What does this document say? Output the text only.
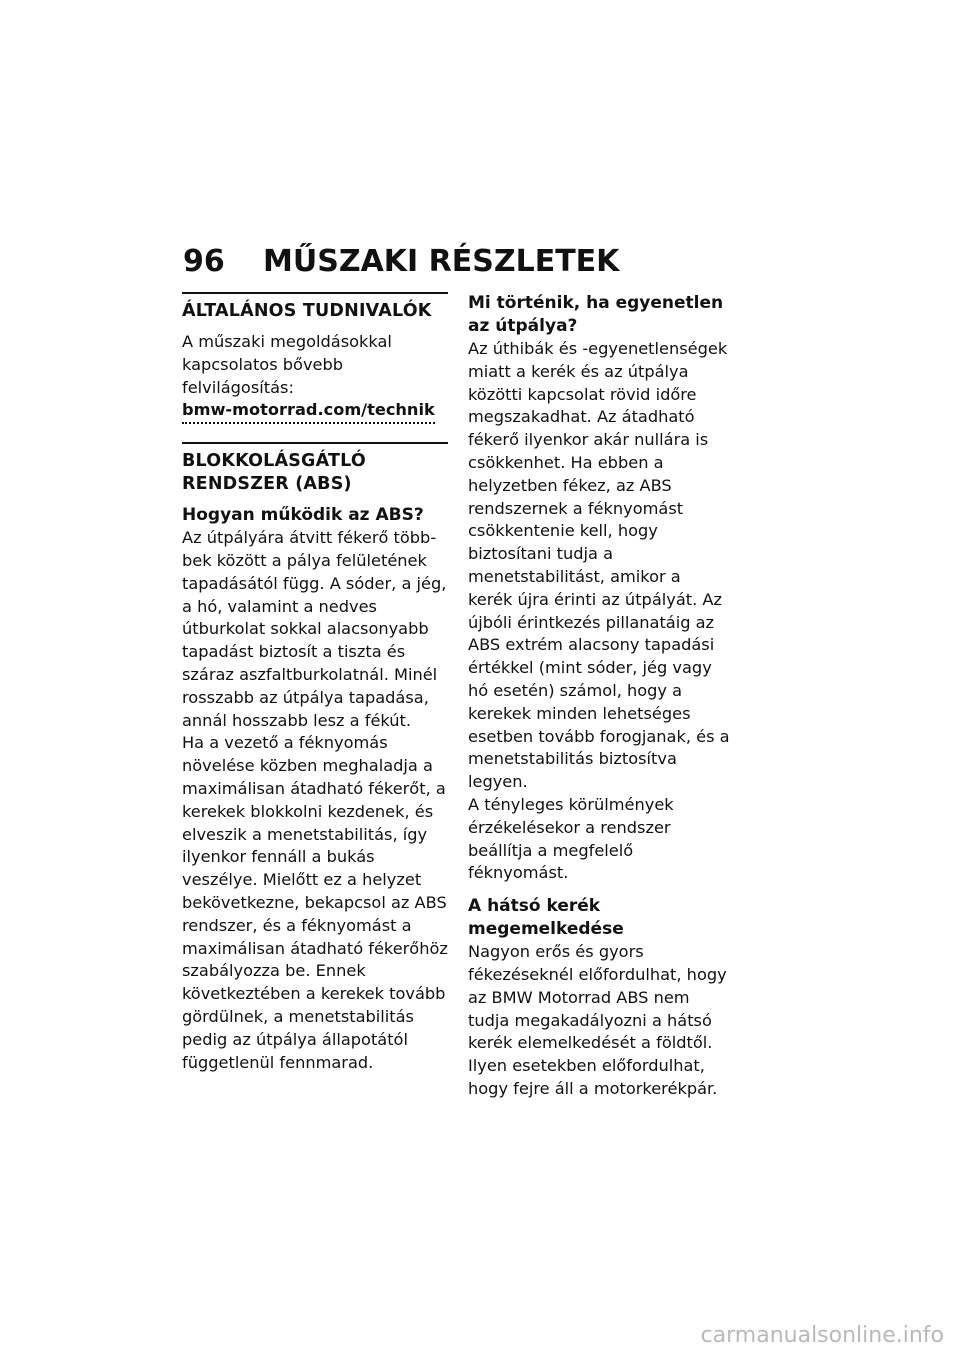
96 MŰSZAKI RÉSZLETEK
ÁLTALÁNOS TUDNIVALÓK

A műszaki megoldásokkal kapcsolatos bővebb felvilágosítás:

bmw-motorrad.com/technik
BLOKKOLÁSGÁTLÓ RENDSZER (ABS)
Hogyan működik az ABS?

Az útpályára átvitt fékerő többbek között a pálya felületének tapadásától függ. A sóder, a jég, a hó, valamint a nedves útburkolat sokkal alacsonyabb tapadást biztosít a tiszta és száraz aszfaltburkolatnál. Minél rosszabb az útpálya tapadása, annál hosszabb lesz a fékút.

Ha a vezető a féknyomás növelése közben meghaladja a maximálisan átadható fékerőt, a kerekek blokkolni kezdenek, és elveszik a menetstabilitás, így ilyenkor fennáll a bukás veszélye. Mielőtt ez a helyzet bekövetkezne, bekapcsol az ABS rendszer, és a féknyomást a maximálisan átadható fékerőhöz szabályozza be. Ennek következtében a kerekek tovább gördülnek, a menetstabilitás pedig az útpálya állapotától függetlenül fennmarad.

Mi történik, ha egyenetlen az útpálya?

Az úthibák és -egyenetlenségek miatt a kerék és az útpálya közötti kapcsolat rövid időre megszakadhat. Az átadható fékerő ilyenkor akár nullára is csökkenhet. Ha ebben a helyzetben fékez, az ABS rendszernek a féknyomást csökkentenie kell, hogy biztosítani tudja a menetstabilitást, amikor a kerék újra érinti az útpályát. Az újbóli érintkezés pillanatáig az ABS extrém alacsony tapadási értékkel (mint sóder, jég vagy hó esetén) számol, hogy a kerekek minden lehetséges esetben tovább forogjanak, és a menetstabilitás biztosítva legyen.

A tényleges körülmények érzékelésekor a rendszer beállítja a megfelelő féknyomást.

A hátsó kerék megemelkedése

Nagyon erős és gyors fékezéseknél előfordulhat, hogy az BMW Motorrad ABS nem tudja megakadályozni a hátsó kerék elemelkedését a földtől. Ilyen esetekben előfordulhat, hogy fejre áll a motorkerékpár.

carmanualsonline.info
